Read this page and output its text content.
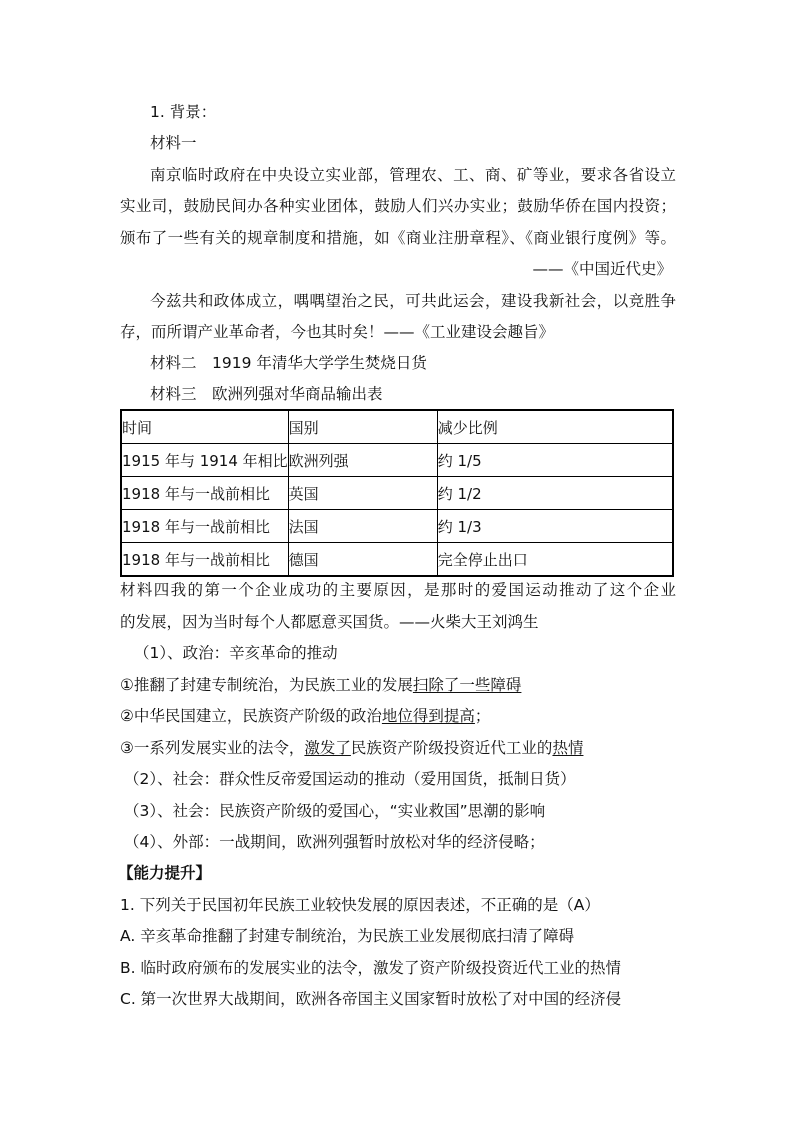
1. 背景：
材料一
南京临时政府在中央设立实业部，管理农、工、商、矿等业，要求各省设立
实业司，鼓励民间办各种实业团体，鼓励人们兴办实业；鼓励华侨在国内投资；
颁布了一些有关的规章制度和措施，如《商业注册章程》、《商业银行度例》等。
——《中国近代史》
今兹共和政体成立，喁喁望治之民，可共此运会，建设我新社会，以竞胜争
存，而所谓产业革命者，今也其时矣！——《工业建设会趣旨》
材料二　1919 年清华大学学生焚烧日货
材料三　欧洲列强对华商品输出表
时间	国别	减少比例
1915 年与 1914 年相比	欧洲列强	约 1/5
1918 年与一战前相比	英国	约 1/2
1918 年与一战前相比	法国	约 1/3
1918 年与一战前相比	德国	完全停止出口
材料四我的第一个企业成功的主要原因，是那时的爱国运动推动了这个企业
的发展，因为当时每个人都愿意买国货。——火柴大王刘鸿生
（1）、政治：辛亥革命的推动
①推翻了封建专制统治，为民族工业的发展扫除了一些障碍
②中华民国建立，民族资产阶级的政治地位得到提高；
③一系列发展实业的法令，激发了民族资产阶级投资近代工业的热情
（2）、社会：群众性反帝爱国运动的推动（爱用国货，抵制日货）
（3）、社会：民族资产阶级的爱国心，“实业救国”思潮的影响
（4）、外部：一战期间，欧洲列强暂时放松对华的经济侵略；
【能力提升】
1. 下列关于民国初年民族工业较快发展的原因表述，不正确的是（A）
A. 辛亥革命推翻了封建专制统治，为民族工业发展彻底扫清了障碍
B. 临时政府颁布的发展实业的法令，激发了资产阶级投资近代工业的热情
C. 第一次世界大战期间，欧洲各帝国主义国家暂时放松了对中国的经济侵
